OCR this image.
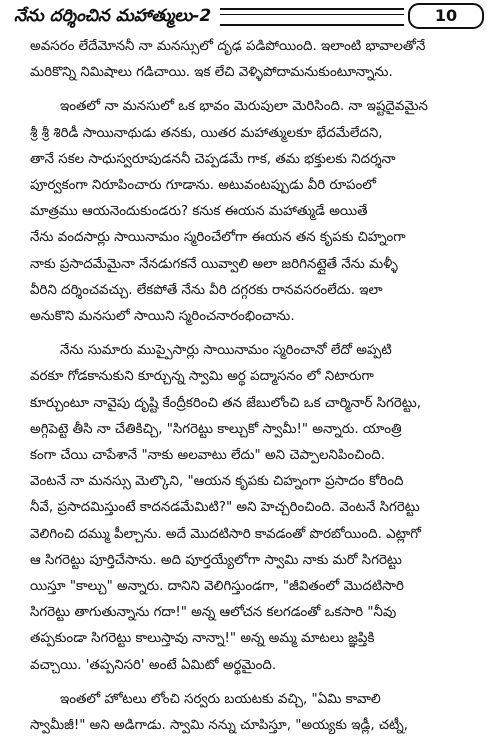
నేను దర్శించిన మహాత్ములు-2	10
అవసరం లేదేమోననీ నా మనస్సులో దృఢ పడిపోయింది. ఇలాంటి భావాలతోనే
మరికొన్ని నిమిషాలు గడిచాయి. ఇక లేచి వెళ్ళిపోదామనుకుంటూన్నాను.
ఇంతలో నా మనసులో ఒక భావం మెరుపులా మెరిసింది. నా ఇష్టదైవమైన
శ్రీ శ్రీ శిరిడీ సాయినాథుడు తనకు, యితర మహాత్ములకూ భేదమేలేదని,
తానే సకల సాధుస్వరూపుడననీ చెప్పడమే గాక, తమ భక్తులకు నిదర్శనా
పూర్వకంగా నిరూపించారు గూడాను. అటువంటప్పుడు వీరి రూపంలో
మాత్రము ఆయనెందుకుండరు? కనుక ఈయన మహాత్ముడే అయితే
నేను వందసార్లు సాయినామం స్మరించేలోగా ఈయన తన కృపకు చిహ్నంగా
నాకు ప్రసాదమేమైనా నేనడుగకనే యివ్వాలి అలా జరిగినట్లైతే నేను మళ్ళీ
వీరిని దర్శించవచ్చు. లేకపోతే నేను వీరి దగ్గరకు రానవసరంలేదు. ఇలా
అనుకొని మనసులో సాయిని స్మరించనారంభించాను.
నేను సుమారు ముప్పైసార్లు సాయినామం స్మరించానో లేదో అప్పటి
వరకూ గోడకానుకుని కూర్చున్న స్వామి అర్థ పద్మాసనం లో నిటారుగా
కూర్చుంటూ నావైపు దృష్టి కేంద్రీకరించి తన జేబులోంచి ఒక చార్మినార్ సిగరెట్టు,
అగ్గిపెట్టె తీసి నా చేతికిచ్చి, "సిగరెట్టు కాల్చుకో స్వామీ!" అన్నారు. యాంత్రి
కంగా చేయి చాపేశానే "నాకు అలవాటు లేదు" అని చెప్పాలనిపించింది.
వెంటనే నా మనస్సు మెల్కొని, "ఆయన కృపకు చిహ్నంగా ప్రసాదం కోరింది
నీవే, ప్రసాదమిస్తుంటే కాదనడమేమిటి?" అని హెచ్చరించింది. వెంటనే సిగరెట్టు
వెలిగించి దమ్ము పీల్చాను. అదే మొదటిసారి కావడంతో పొరబోయింది. ఎట్లాగో
ఆ సిగరెట్టు పూర్తిచేసాను. అది పూర్తయ్యేలోగా స్వామి నాకు మరో సిగరెట్టు
యిస్తూ "కాల్చు" అన్నారు. దానిని వెలిగిస్తుండగా, "జీవితంలో మొదటిసారి
సిగరెట్టు తాగుతున్నాను గదా!" అన్న ఆలోచన కలగడంతో ఒకసారి "నీవు
తప్పకుండా సిగరెట్టు కాలుస్తావు నాన్నా!" అన్న అమ్మ మాటలు జ్ఞప్తికి
వచ్చాయి. 'తప్పనిసరి' అంటే ఏమిటో అర్థమైంది.
ఇంతలో హోటలు లోంచి సర్వరు బయటకు వచ్చి, "ఏమి కావాలి
స్వామీజీ!" అని అడిగాడు. స్వామి నన్ను చూపిస్తూ, "అయ్యకు ఇడ్లీ, చట్నీ,
